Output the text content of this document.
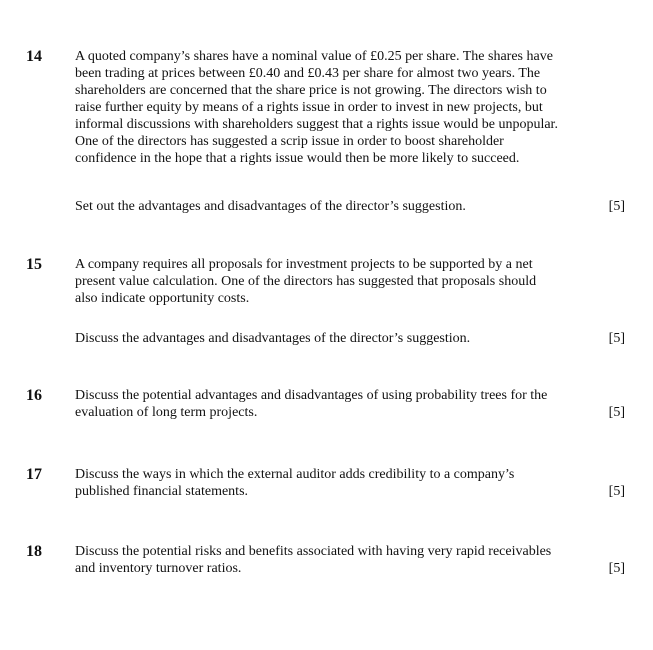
14 A quoted company’s shares have a nominal value of £0.25 per share. The shares have
been trading at prices between £0.40 and £0.43 per share for almost two years. The
shareholders are concerned that the share price is not growing. The directors wish to
raise further equity by means of a rights issue in order to invest in new projects, but
informal discussions with shareholders suggest that a rights issue would be unpopular.
One of the directors has suggested a scrip issue in order to boost shareholder
confidence in the hope that a rights issue would then be more likely to succeed.
Set out the advantages and disadvantages of the director’s suggestion.	[5]
15 A company requires all proposals for investment projects to be supported by a net
present value calculation. One of the directors has suggested that proposals should
also indicate opportunity costs.
Discuss the advantages and disadvantages of the director’s suggestion.	[5]
16 Discuss the potential advantages and disadvantages of using probability trees for the
evaluation of long term projects.	[5]
17 Discuss the ways in which the external auditor adds credibility to a company’s
published financial statements.	[5]
18 Discuss the potential risks and benefits associated with having very rapid receivables
and inventory turnover ratios.	[5]
